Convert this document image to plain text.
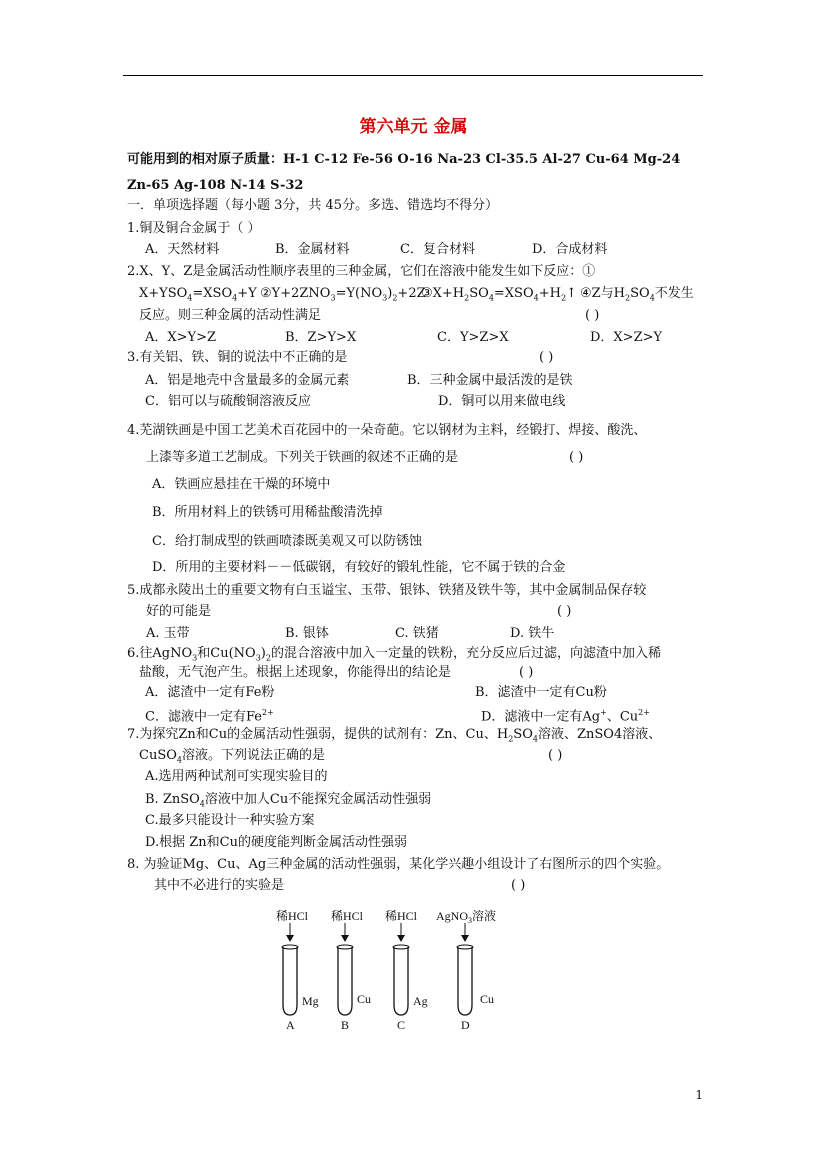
第六单元 金属
可能用到的相对原子质量：H-1 C-12 Fe-56 O-16 Na-23 Cl-35.5 Al-27 Cu-64 Mg-24
Zn-65 Ag-108 N-14 S-32
一．单项选择题（每小题 3分，共 45分。多选、错选均不得分）
1.铜及铜合金属于（ ）
A．天然材料	B．金属材料	C．复合材料	D．合成材料
2.X、Y、Z是金属活动性顺序表里的三种金属，它们在溶液中能发生如下反应：①
$X+YSO_4=XSO_4+Y$ $②Y+2ZNO_3=Y(NO_3)_2+2Z$
$③X+H_2SO_4=XSO_4+H_2↑$ ④Z与$H_2SO_4$不发生
反应。则三种金属的活动性满足	( )
A．X>Y>Z	B．Z>Y>X	C．Y>Z>X	D．X>Z>Y
3.有关铝、铁、铜的说法中不正确的是	( )
A．铝是地壳中含量最多的金属元素	B．三种金属中最活泼的是铁
C．铝可以与硫酸铜溶液反应	D．铜可以用来做电线
4.芜湖铁画是中国工艺美术百花园中的一朵奇葩。它以钢材为主料，经锻打、焊接、酸洗、
上漆等多道工艺制成。下列关于铁画的叙述不正确的是	( )
A．铁画应悬挂在干燥的环境中
B．所用材料上的铁锈可用稀盐酸清洗掉
C．给打制成型的铁画喷漆既美观又可以防锈蚀
D．所用的主要材料－－低碳钢，有较好的锻轧性能，它不属于铁的合金
5.成都永陵出土的重要文物有白玉谥宝、玉带、银钵、铁猪及铁牛等，其中金属制品保存较
好的可能是	( )
A. 玉带	B. 银钵	C. 铁猪	D. 铁牛
6.往AgNO$_3$和$Cu(NO_3)_2$的混合溶液中加入一定量的铁粉，充分反应后过滤，向滤渣中加入稀
盐酸，无气泡产生。根据上述现象，你能得出的结论是	( )
A．滤渣中一定有Fe粉	B．滤渣中一定有Cu粉
C．滤液中一定有$Fe^{2+}$	D．滤液中一定有Ag+、$Cu^{2+}$
7.为探究Zn和Cu的金属活动性强弱，提供的试剂有：Zn、Cu、$H_2SO_4$溶液、ZnSO4溶液、
CuSO$_4$溶液。下列说法正确的是	( )
A.选用两种试剂可实现实验目的
B. ZnSO$_4$溶液中加人Cu不能探究金属活动性强弱
C.最多只能设计一种实验方案
D.根据 Zn和Cu的硬度能判断金属活动性强弱
8. 为验证Mg、Cu、Ag三种金属的活动性强弱，某化学兴趣小组设计了右图所示的四个实验。
其中不必进行的实验是	( )
稀HCl
Mg
A
稀HCl
Cu
B
稀HCl
Ag
C
AgNO$_3$溶液
Cu
D
1
